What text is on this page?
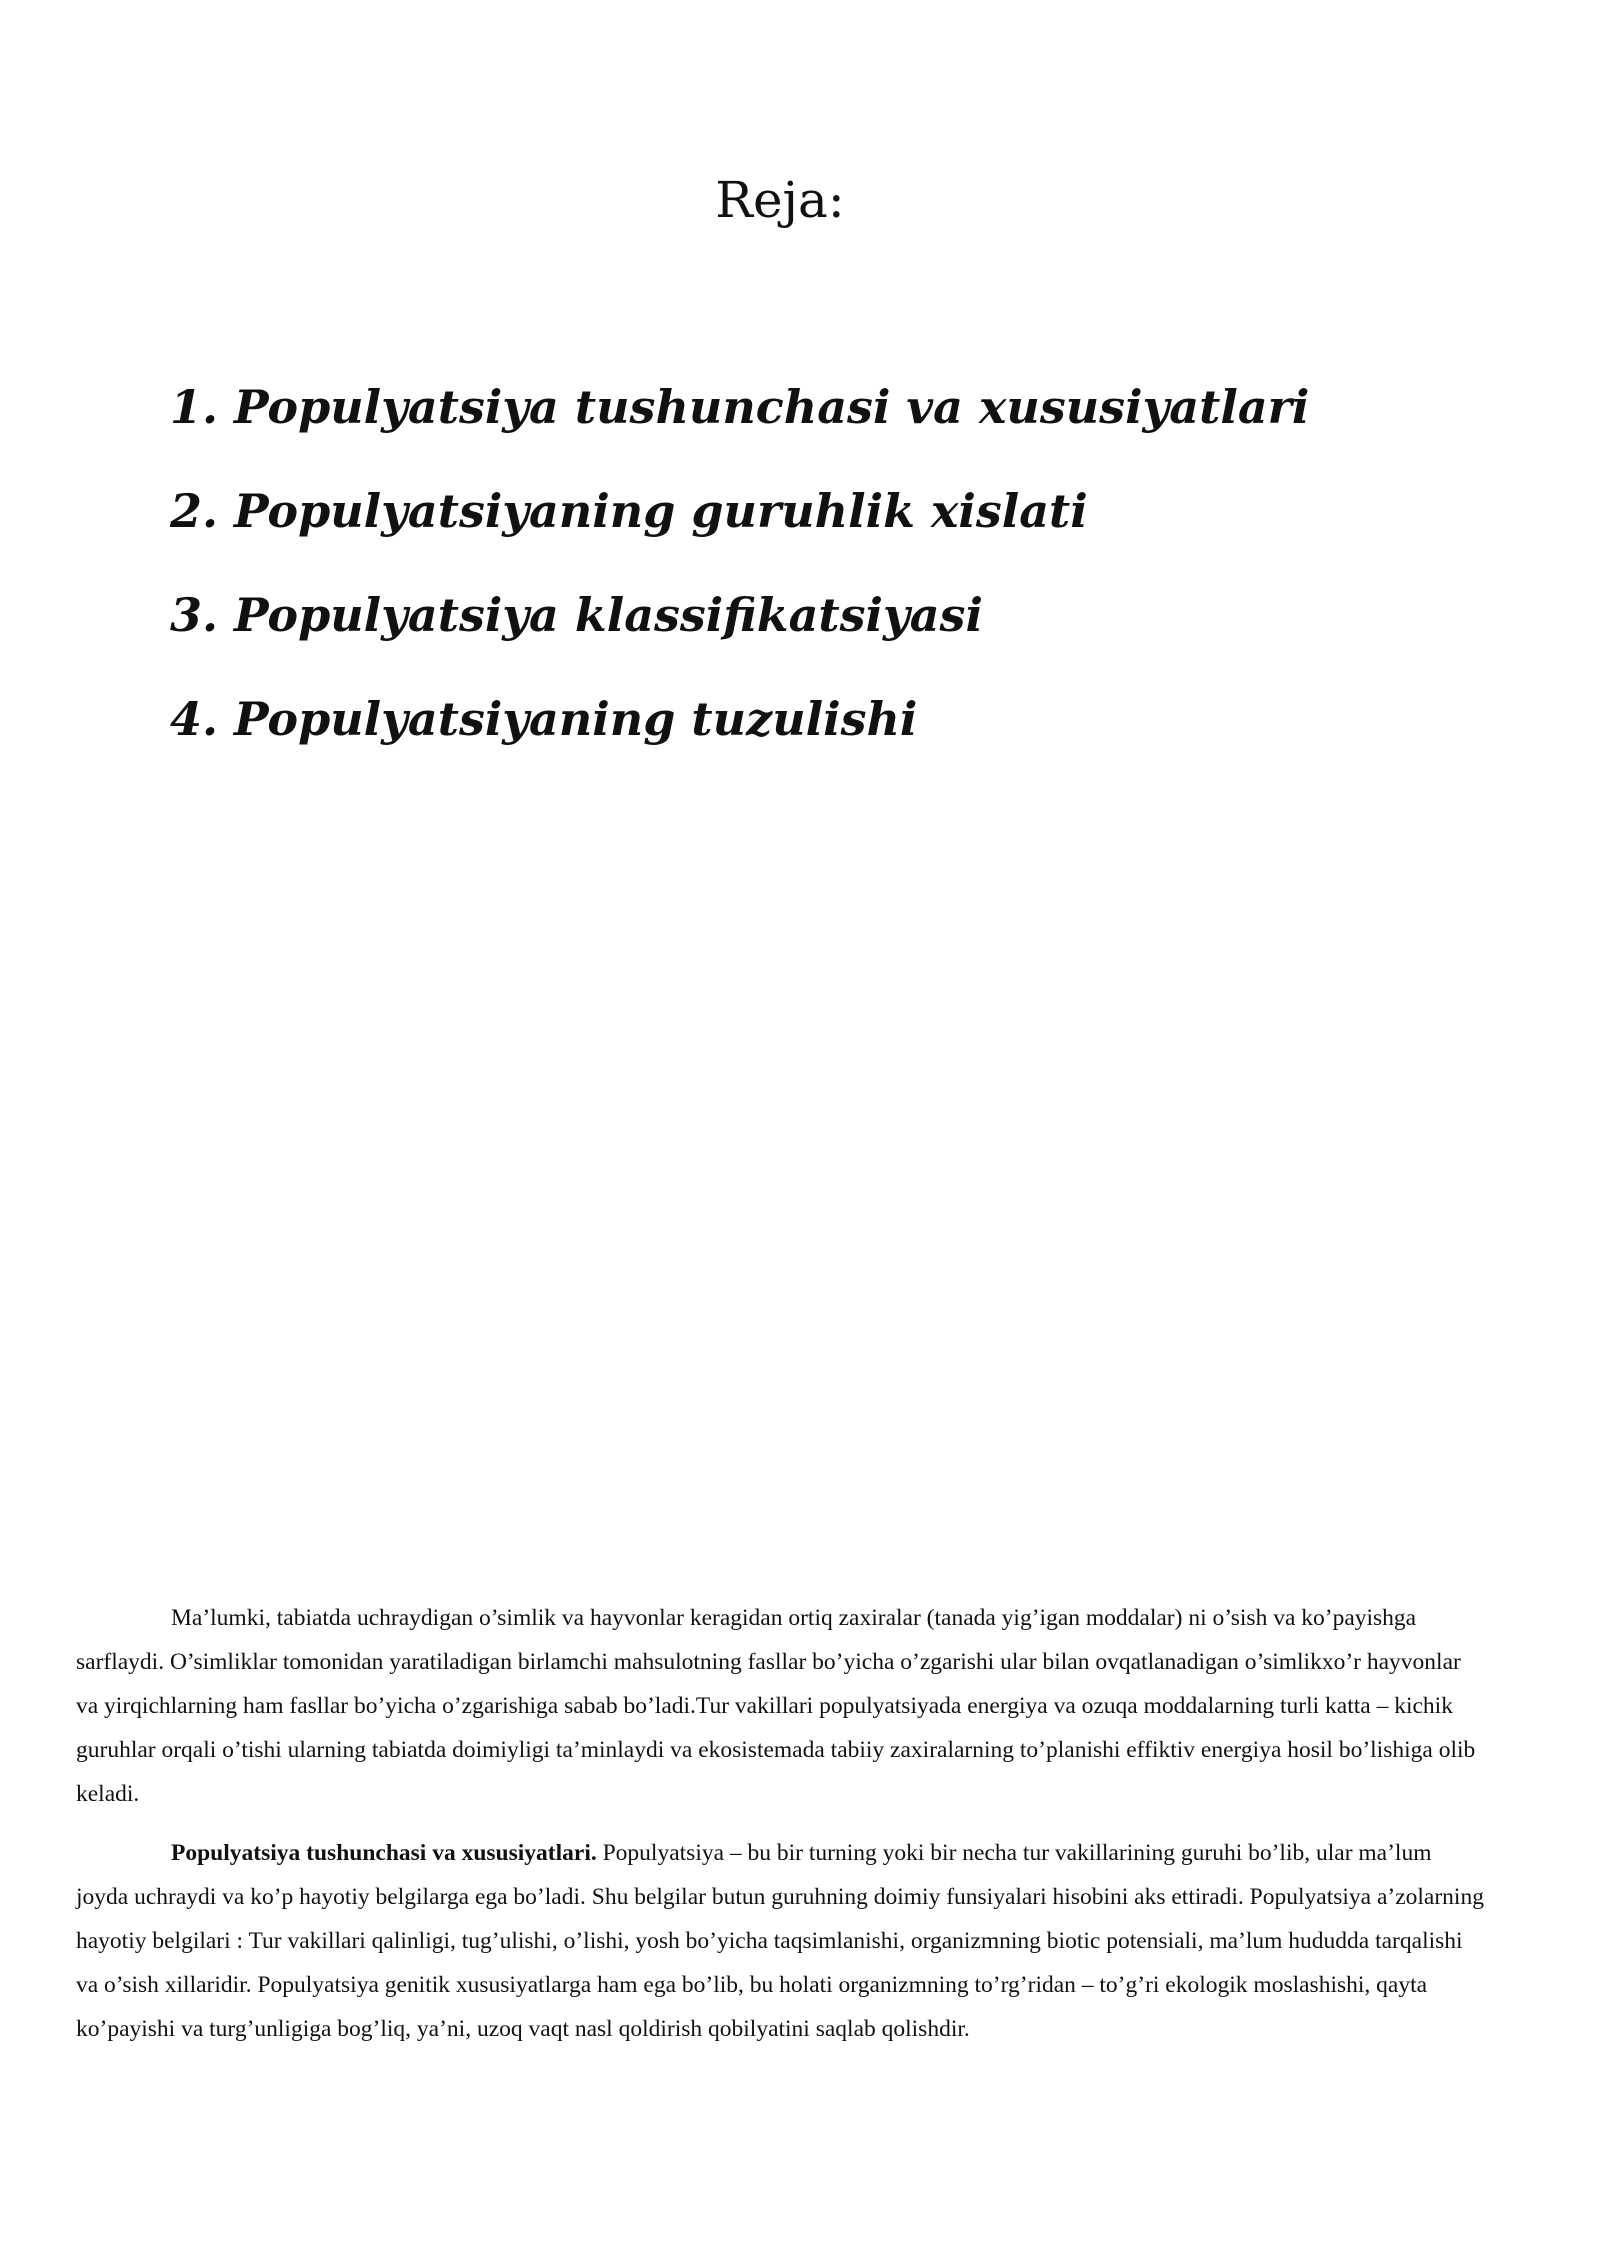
Reja:
1. Populyatsiya tushunchasi va xususiyatlari
2. Populyatsiyaning guruhlik xislati
3. Populyatsiya klassifikatsiyasi
4. Populyatsiyaning tuzulishi

Ma’lumki, tabiatda uchraydigan o’simlik va hayvonlar keragidan ortiq zaxiralar (tanada yig’igan moddalar) ni o’sish va ko’payishga sarflaydi. O’simliklar tomonidan yaratiladigan birlamchi mahsulotning fasllar bo’yicha o’zgarishi ular bilan ovqatlanadigan o’simlikxo’r hayvonlar va yirqichlarning ham fasllar bo’yicha o’zgarishiga sabab bo’ladi.Tur vakillari populyatsiyada energiya va ozuqa moddalarning turli katta – kichik guruhlar orqali o’tishi ularning tabiatda doimiyligi ta’minlaydi va ekosistemada tabiiy zaxiralarning to’planishi effiktiv energiya hosil bo’lishiga olib keladi.

Populyatsiya tushunchasi va xususiyatlari. Populyatsiya – bu bir turning yoki bir necha tur vakillarining guruhi bo’lib, ular ma’lum joyda uchraydi va ko’p hayotiy belgilarga ega bo’ladi. Shu belgilar butun guruhning doimiy funsiyalari hisobini aks ettiradi. Populyatsiya a’zolarning hayotiy belgilari : Tur vakillari qalinligi, tug’ulishi, o’lishi, yosh bo’yicha taqsimlanishi, organizmning biotic potensiali, ma’lum hududda tarqalishi va o’sish xillaridir. Populyatsiya genitik xususiyatlarga ham ega bo’lib, bu holati organizmning to’rg’ridan – to’g’ri ekologik moslashishi, qayta ko’payishi va turg’unligiga bog’liq, ya’ni, uzoq vaqt nasl qoldirish qobilyatini saqlab qolishdir.
